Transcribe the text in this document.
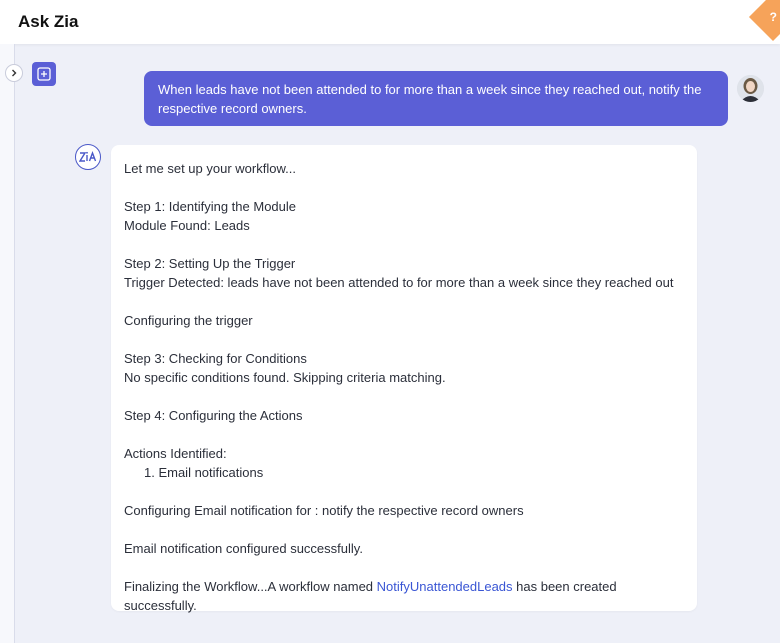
Ask Zia	?
When leads have not been attended to for more than a week since they reached out, notify the respective record owners.

Let me set up your workflow...

Step 1: Identifying the Module

Module Found: Leads

Step 2: Setting Up the Trigger

Trigger Detected: leads have not been attended to for more than a week since they reached out

Configuring the trigger

Step 3: Checking for Conditions

No specific conditions found. Skipping criteria matching.

Step 4: Configuring the Actions

Actions Identified:

1. Email notifications

Configuring Email notification for : notify the respective record owners

Email notification configured successfully.

Finalizing the Workflow...A workflow named NotifyUnattendedLeads has been created successfully.
